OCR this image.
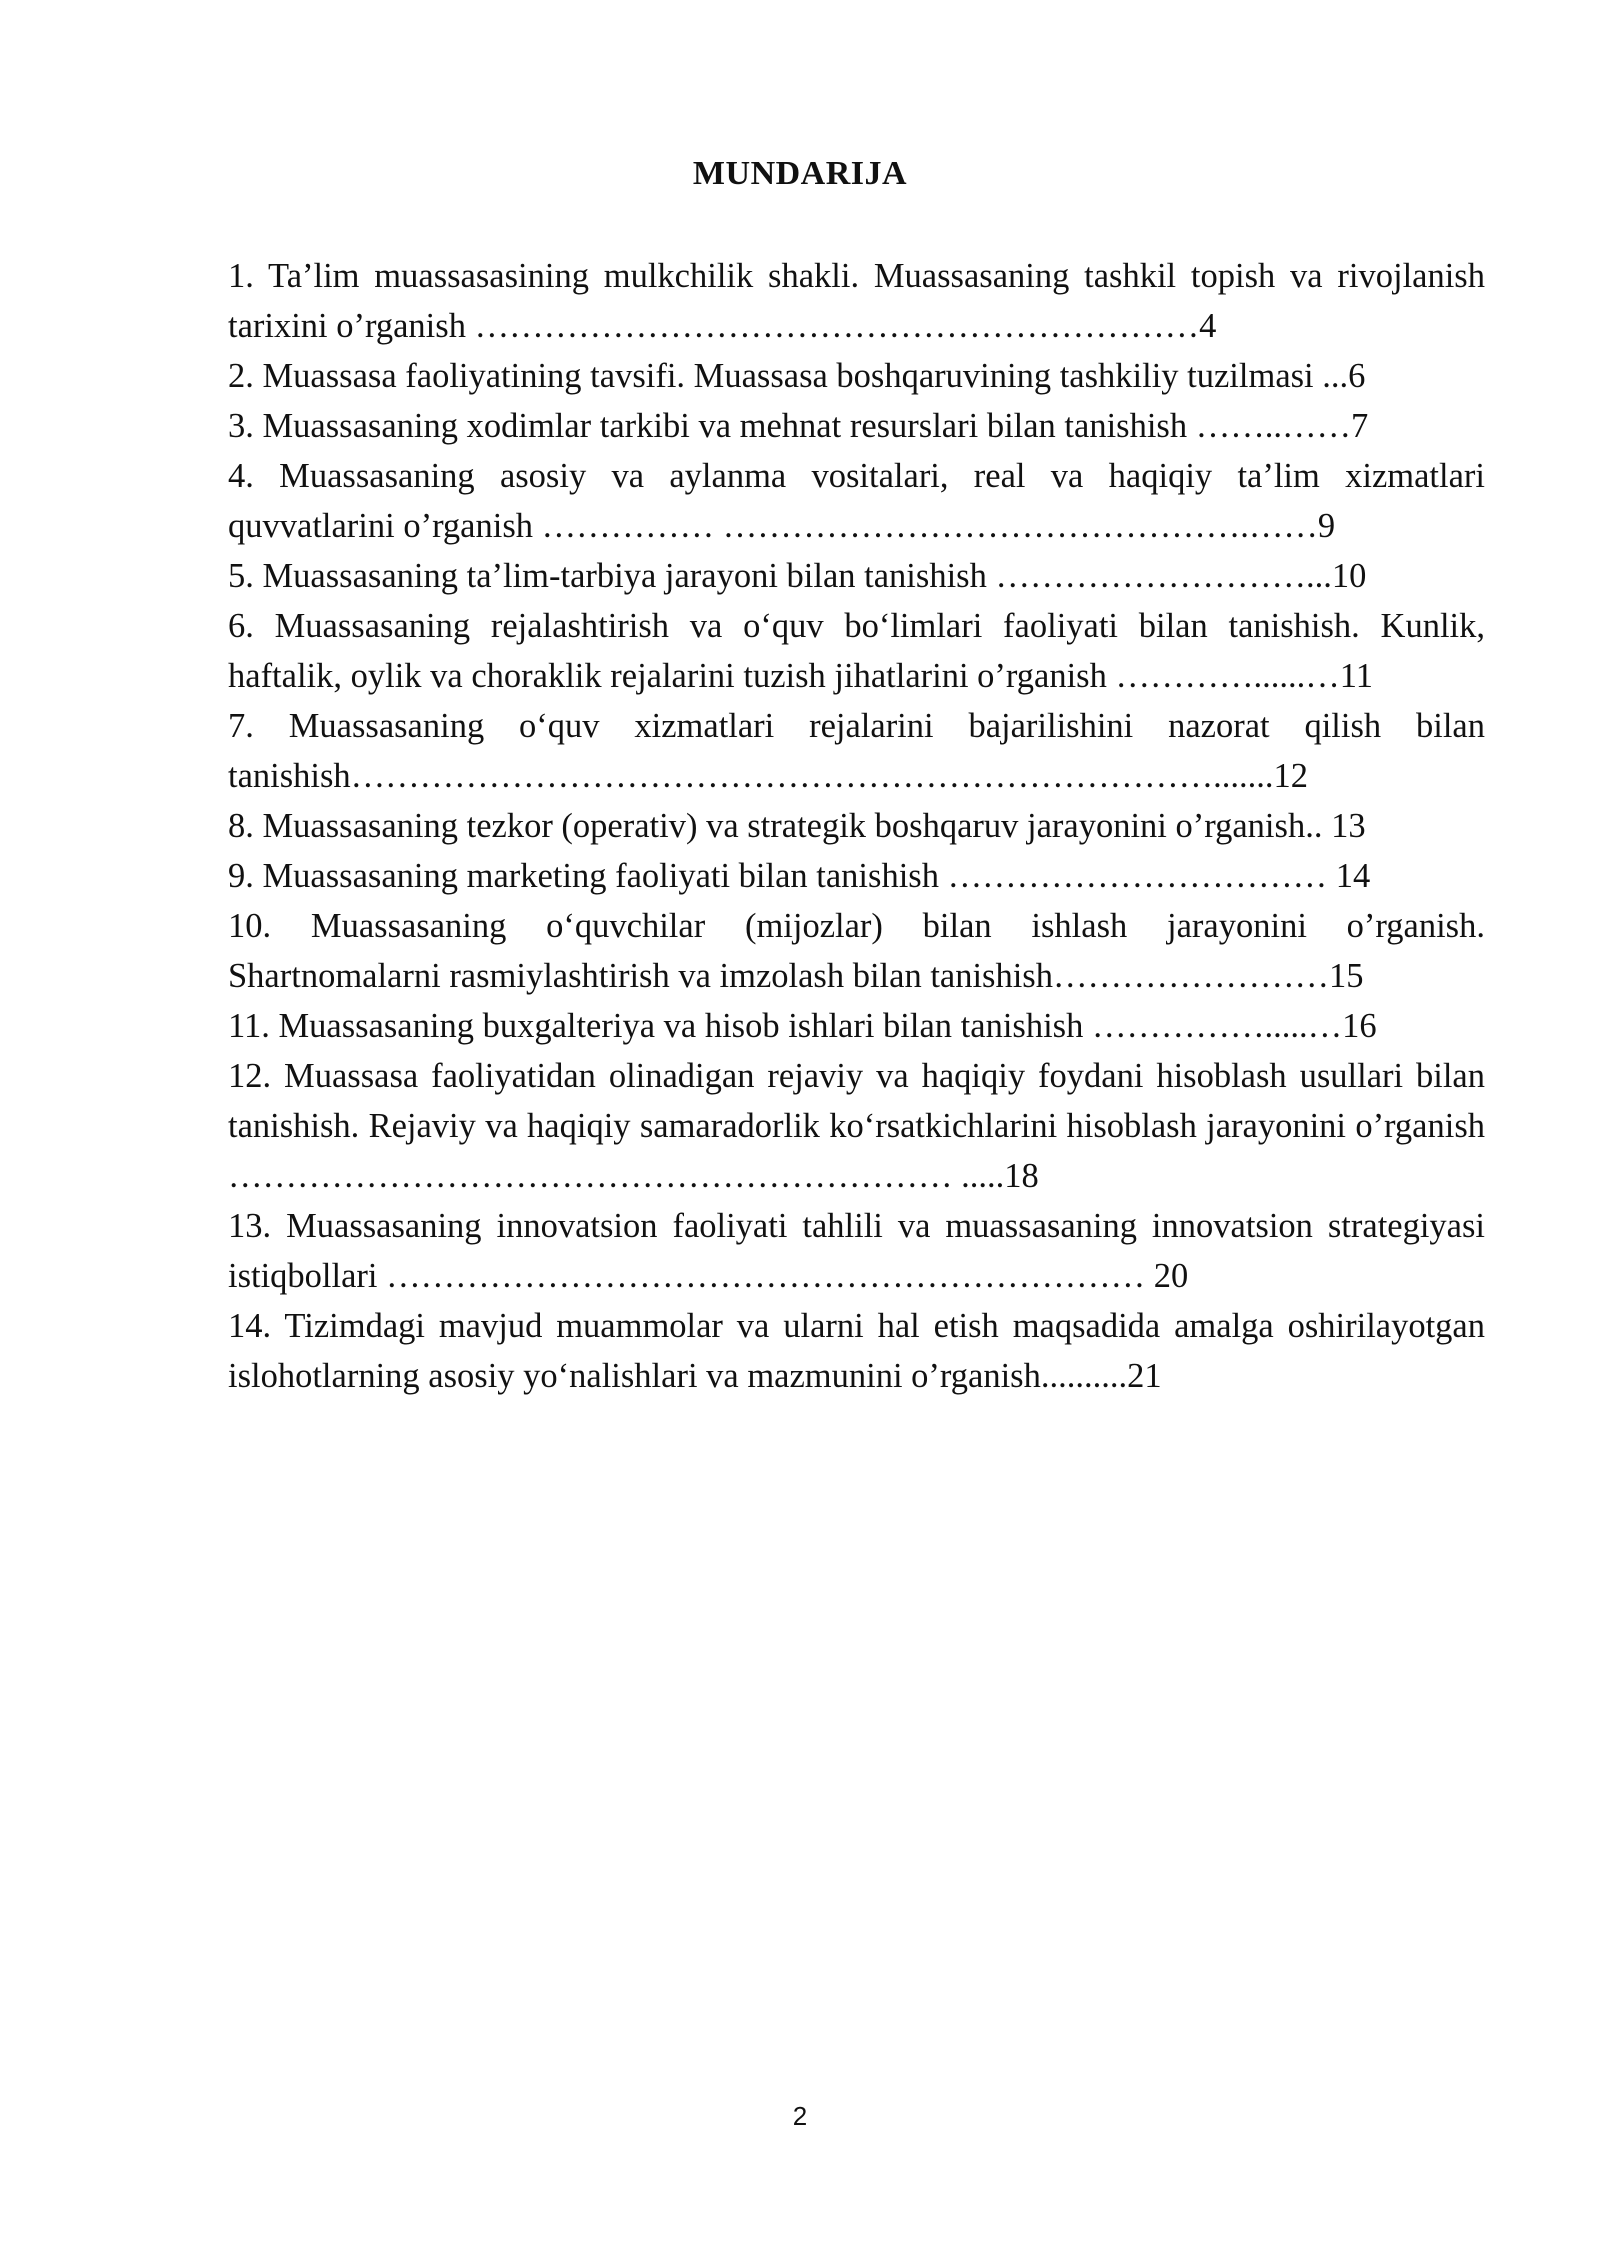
MUNDARIJA

1. Ta’lim muassasasining mulkchilik shakli. Muassasaning tashkil topish va rivojlanish tarixini o’rganish ………………………………………………………4

2. Muassasa faoliyatining tavsifi. Muassasa boshqaruvining tashkiliy tuzilmasi ...6

3. Muassasaning xodimlar tarkibi va mehnat resurslari bilan tanishish ……..……7

4. Muassasaning asosiy va aylanma vositalari, real va haqiqiy ta’lim xizmatlari quvvatlarini o’rganish …………… ……………………………………….……9

5. Muassasaning ta’lim-tarbiya jarayoni bilan tanishish ………………………...10

6. Muassasaning rejalashtirish va o‘quv bo‘limlari faoliyati bilan tanishish. Kunlik, haftalik, oylik va choraklik rejalarini tuzish jihatlarini o’rganish …………......…11

7. Muassasaning o‘quv xizmatlari rejalarini bajarilishini nazorat qilish bilan tanishish………………………………………………………………….......12

8. Muassasaning tezkor (operativ) va strategik boshqaruv jarayonini o’rganish.. 13

9. Muassasaning marketing faoliyati bilan tanishish …………………………… 14

10. Muassasaning o‘quvchilar (mijozlar) bilan ishlash jarayonini o’rganish. Shartnomalarni rasmiylashtirish va imzolash bilan tanishish……………………15

11. Muassasaning buxgalteriya va hisob ishlari bilan tanishish …………….....…16

12. Muassasa faoliyatidan olinadigan rejaviy va haqiqiy foydani hisoblash usullari bilan tanishish. Rejaviy va haqiqiy samaradorlik ko‘rsatkichlarini hisoblash jarayonini o’rganish ……………………………………………………… .....18

13. Muassasaning innovatsion faoliyati tahlili va muassasaning innovatsion strategiyasi istiqbollari ………………………………………………………… 20

14. Tizimdagi mavjud muammolar va ularni hal etish maqsadida amalga oshirilayotgan islohotlarning asosiy yo‘nalishlari va mazmunini o’rganish..........21

2
